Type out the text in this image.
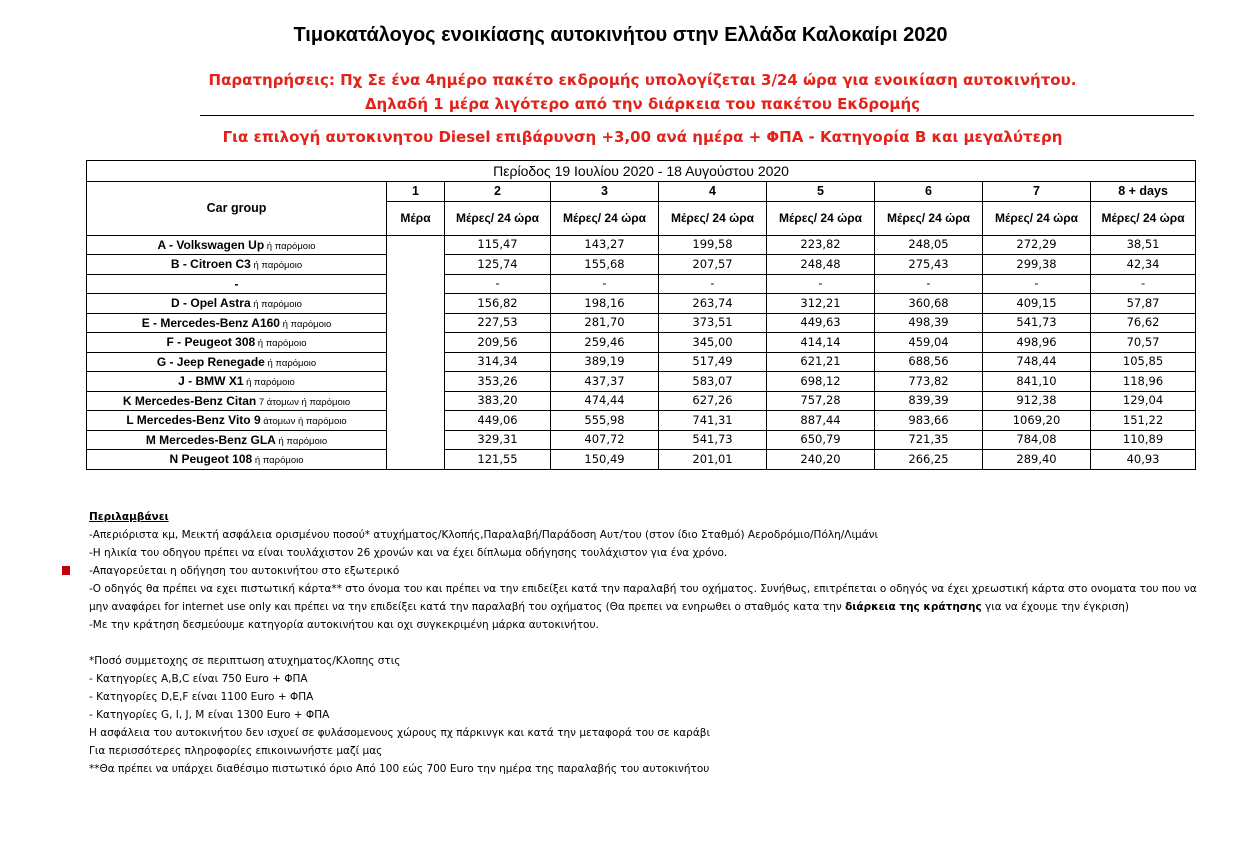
Τιμοκατάλογος ενοικίασης αυτοκινήτου στην Ελλάδα Καλοκαίρι 2020
Παρατηρήσεις: Πχ Σε ένα 4ημέρο πακέτο εκδρομής υπολογίζεται 3/24 ώρα για ενοικίαση αυτοκινήτου.
Δηλαδή 1 μέρα λιγότερο από την διάρκεια του πακέτου Εκδρομής
Για επιλογή αυτοκινητου Diesel επιβάρυνση +3,00 ανά ημέρα + ΦΠΑ - Κατηγορία B και μεγαλύτερη
Περίοδος 19 Ιουλίου 2020 - 18 Αυγούστου 2020								
Car group	1	2	3	4	5	6	7	8 + days
	Μέρα	Μέρες/ 24 ώρα	Μέρες/ 24 ώρα	Μέρες/ 24 ώρα	Μέρες/ 24 ώρα	Μέρες/ 24 ώρα	Μέρες/ 24 ώρα	Μέρες/ 24 ώρα
A - Volkswagen Up ή παρόμοιο		115,47	143,27	199,58	223,82	248,05	272,29	38,51
B - Citroen C3 ή παρόμοιο		125,74	155,68	207,57	248,48	275,43	299,38	42,34
-		-	-	-	-	-	-	-
D - Opel Astra ή παρόμοιο		156,82	198,16	263,74	312,21	360,68	409,15	57,87
E - Mercedes-Benz A160 ή παρόμοιο		227,53	281,70	373,51	449,63	498,39	541,73	76,62
F - Peugeot 308 ή παρόμοιο		209,56	259,46	345,00	414,14	459,04	498,96	70,57
G - Jeep Renegade ή παρόμοιο		314,34	389,19	517,49	621,21	688,56	748,44	105,85
J - BMW X1 ή παρόμοιο		353,26	437,37	583,07	698,12	773,82	841,10	118,96
K Mercedes-Benz Citan 7 άτομων ή παρόμοιο		383,20	474,44	627,26	757,28	839,39	912,38	129,04
L Mercedes-Benz Vito 9 άτομων ή παρόμοιο		449,06	555,98	741,31	887,44	983,66	1069,20	151,22
M Mercedes-Benz GLA ή παρόμοιο		329,31	407,72	541,73	650,79	721,35	784,08	110,89
N Peugeot 108 ή παρόμοιο		121,55	150,49	201,01	240,20	266,25	289,40	40,93
Περιλαμβάνει
-Απεριόριστα κμ, Μεικτή ασφάλεια ορισμένου ποσού* ατυχήματος/Κλοπής,Παραλαβή/Παράδοση Αυτ/του (στον ίδιο Σταθμό) Αεροδρόμιο/Πόλη/Λιμάνι
-Η ηλικία του οδηγου πρέπει να είναι τουλάχιστον 26 χρονών και να έχει δίπλωμα οδήγησης τουλάχιστον για ένα χρόνο.
-Απαγορεύεται η οδήγηση του αυτοκινήτου στο εξωτερικό
-Ο οδηγός θα πρέπει να εχει πιστωτική κάρτα** στο όνομα του και πρέπει να την επιδείξει κατά την παραλαβή του οχήματος. Συνήθως, επιτρέπεται ο οδηγός να έχει χρεωστική κάρτα στο ονοματα του που να μην αναφάρει for internet use only και πρέπει να την επιδείξει κατά την παραλαβή του οχήματος (Θα πρεπει να ενηρωθει ο σταθμός κατα την διάρκεια της κράτησης για να έχουμε την έγκριση)
-Με την κράτηση δεσμεύουμε κατηγορία αυτοκινήτου και οχι συγκεκριμένη μάρκα αυτοκινήτου.
*Ποσό συμμετοχης σε περιπτωση ατυχηματος/Κλοπης στις
- Κατηγορίες A,B,C είναι 750 Euro + ΦΠΑ
- Κατηγορίες D,E,F είναι 1100 Euro + ΦΠΑ
- Κατηγορίες G, I, J, M είναι 1300 Euro + ΦΠΑ
Η ασφάλεια του αυτοκινήτου δεν ισχυεί σε φυλάσομενους χώρους πχ πάρκινγκ και κατά την μεταφορά του σε καράβι
Για περισσότερες πληροφορίες επικοινωνήστε μαζί μας
**Θα πρέπει να υπάρχει διαθέσιμο πιστωτικό όριο Από 100 εώς 700 Euro την ημέρα της παραλαβής του αυτοκινήτου
